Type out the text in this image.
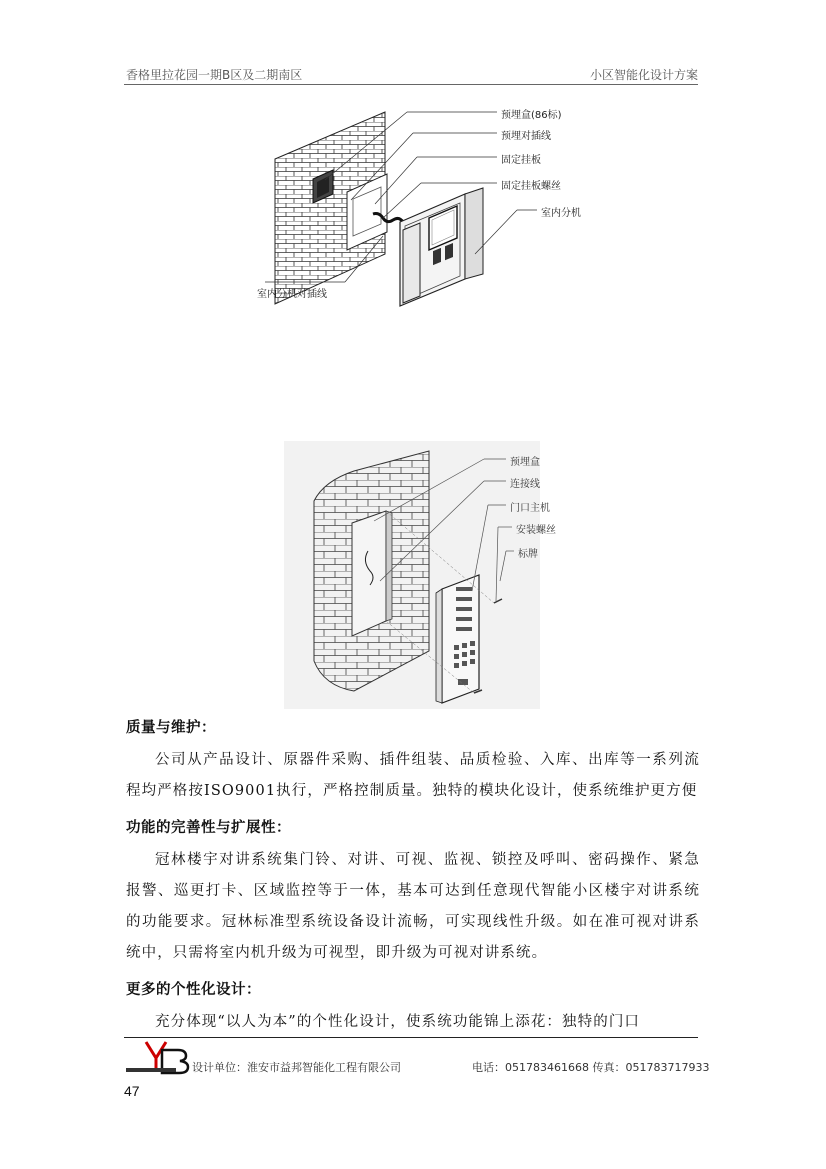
香格里拉花园一期B区及二期南区	小区智能化设计方案
预埋盒(86标)
预埋对插线
固定挂板
固定挂板螺丝
室内分机
室内分机对插线
预埋盒
连接线
门口主机
安装螺丝
标牌
质量与维护：

公司从产品设计、原器件采购、插件组装、品质检验、入库、出库等一系列流程均严格按ISO9001执行，严格控制质量。独特的模块化设计，使系统维护更方便

功能的完善性与扩展性：

冠林楼宇对讲系统集门铃、对讲、可视、监视、锁控及呼叫、密码操作、紧急报警、巡更打卡、区域监控等于一体，基本可达到任意现代智能小区楼宇对讲系统的功能要求。冠林标准型系统设备设计流畅，可实现线性升级。如在准可视对讲系统中，只需将室内机升级为可视型，即升级为可视对讲系统。

更多的个性化设计：

充分体现“以人为本”的个性化设计，使系统功能锦上添花：独特的门口

设计单位：淮安市益邦智能化工程有限公司	电话：051783461668 传真：051783717933
47
